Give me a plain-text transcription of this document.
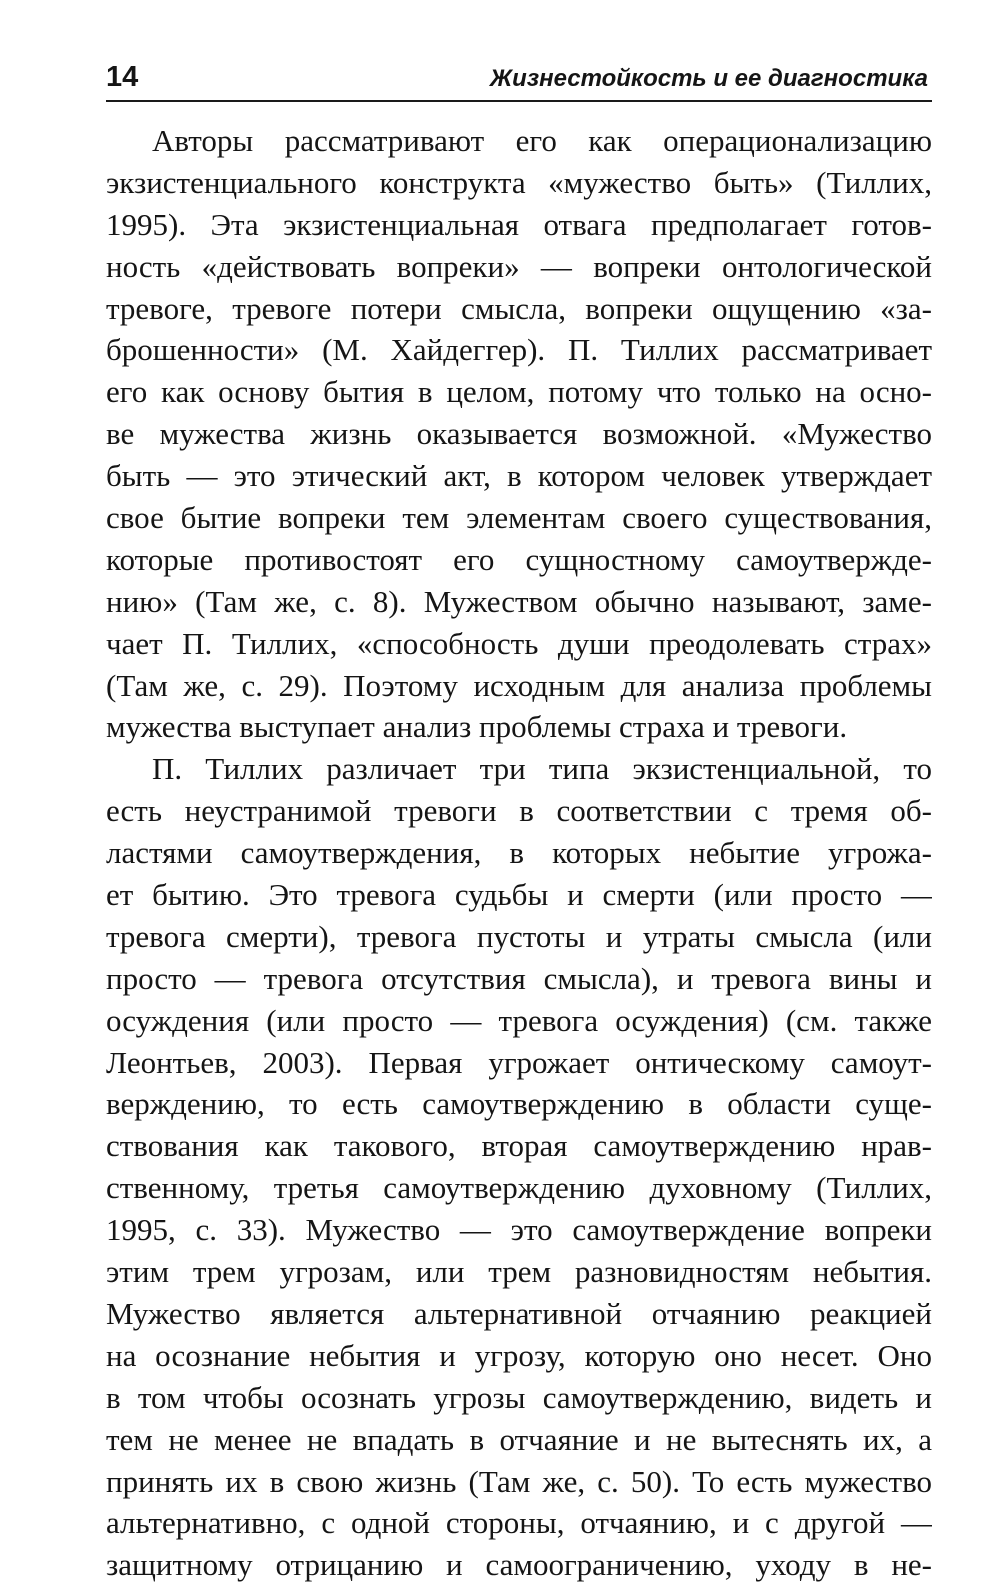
14	Жизнестойкость и ее диагностика
Авторы рассматривают его как операционализацию
экзистенциального конструкта «мужество быть» (Тиллих,
1995). Эта экзистенциальная отвага предполагает готов-
ность «действовать вопреки» — вопреки онтологической
тревоге, тревоге потери смысла, вопреки ощущению «за-
брошенности» (М. Хайдеггер). П. Тиллих рассматривает
его как основу бытия в целом, потому что только на осно-
ве мужества жизнь оказывается возможной. «Мужество
быть — это этический акт, в котором человек утверждает
свое бытие вопреки тем элементам своего существования,
которые противостоят его сущностному самоутвержде-
нию» (Там же, с. 8). Мужеством обычно называют, заме-
чает П. Тиллих, «способность души преодолевать страх»
(Там же, с. 29). Поэтому исходным для анализа проблемы
мужества выступает анализ проблемы страха и тревоги.
П. Тиллих различает три типа экзистенциальной, то
есть неустранимой тревоги в соответствии с тремя об-
ластями самоутверждения, в которых небытие угрожа-
ет бытию. Это тревога судьбы и смерти (или просто —
тревога смерти), тревога пустоты и утраты смысла (или
просто — тревога отсутствия смысла), и тревога вины и
осуждения (или просто — тревога осуждения) (см. также
Леонтьев, 2003). Первая угрожает онтическому самоут-
верждению, то есть самоутверждению в области суще-
ствования как такового, вторая самоутверждению нрав-
ственному, третья самоутверждению духовному (Тиллих,
1995, с. 33). Мужество — это самоутверждение вопреки
этим трем угрозам, или трем разновидностям небытия.
Мужество является альтернативной отчаянию реакцией
на осознание небытия и угрозу, которую оно несет. Оно
в том чтобы осознать угрозы самоутверждению, видеть и
тем не менее не впадать в отчаяние и не вытеснять их, а
принять их в свою жизнь (Там же, с. 50). То есть мужество
альтернативно, с одной стороны, отчаянию, и с другой —
защитному отрицанию и самоограничению, уходу в не-
